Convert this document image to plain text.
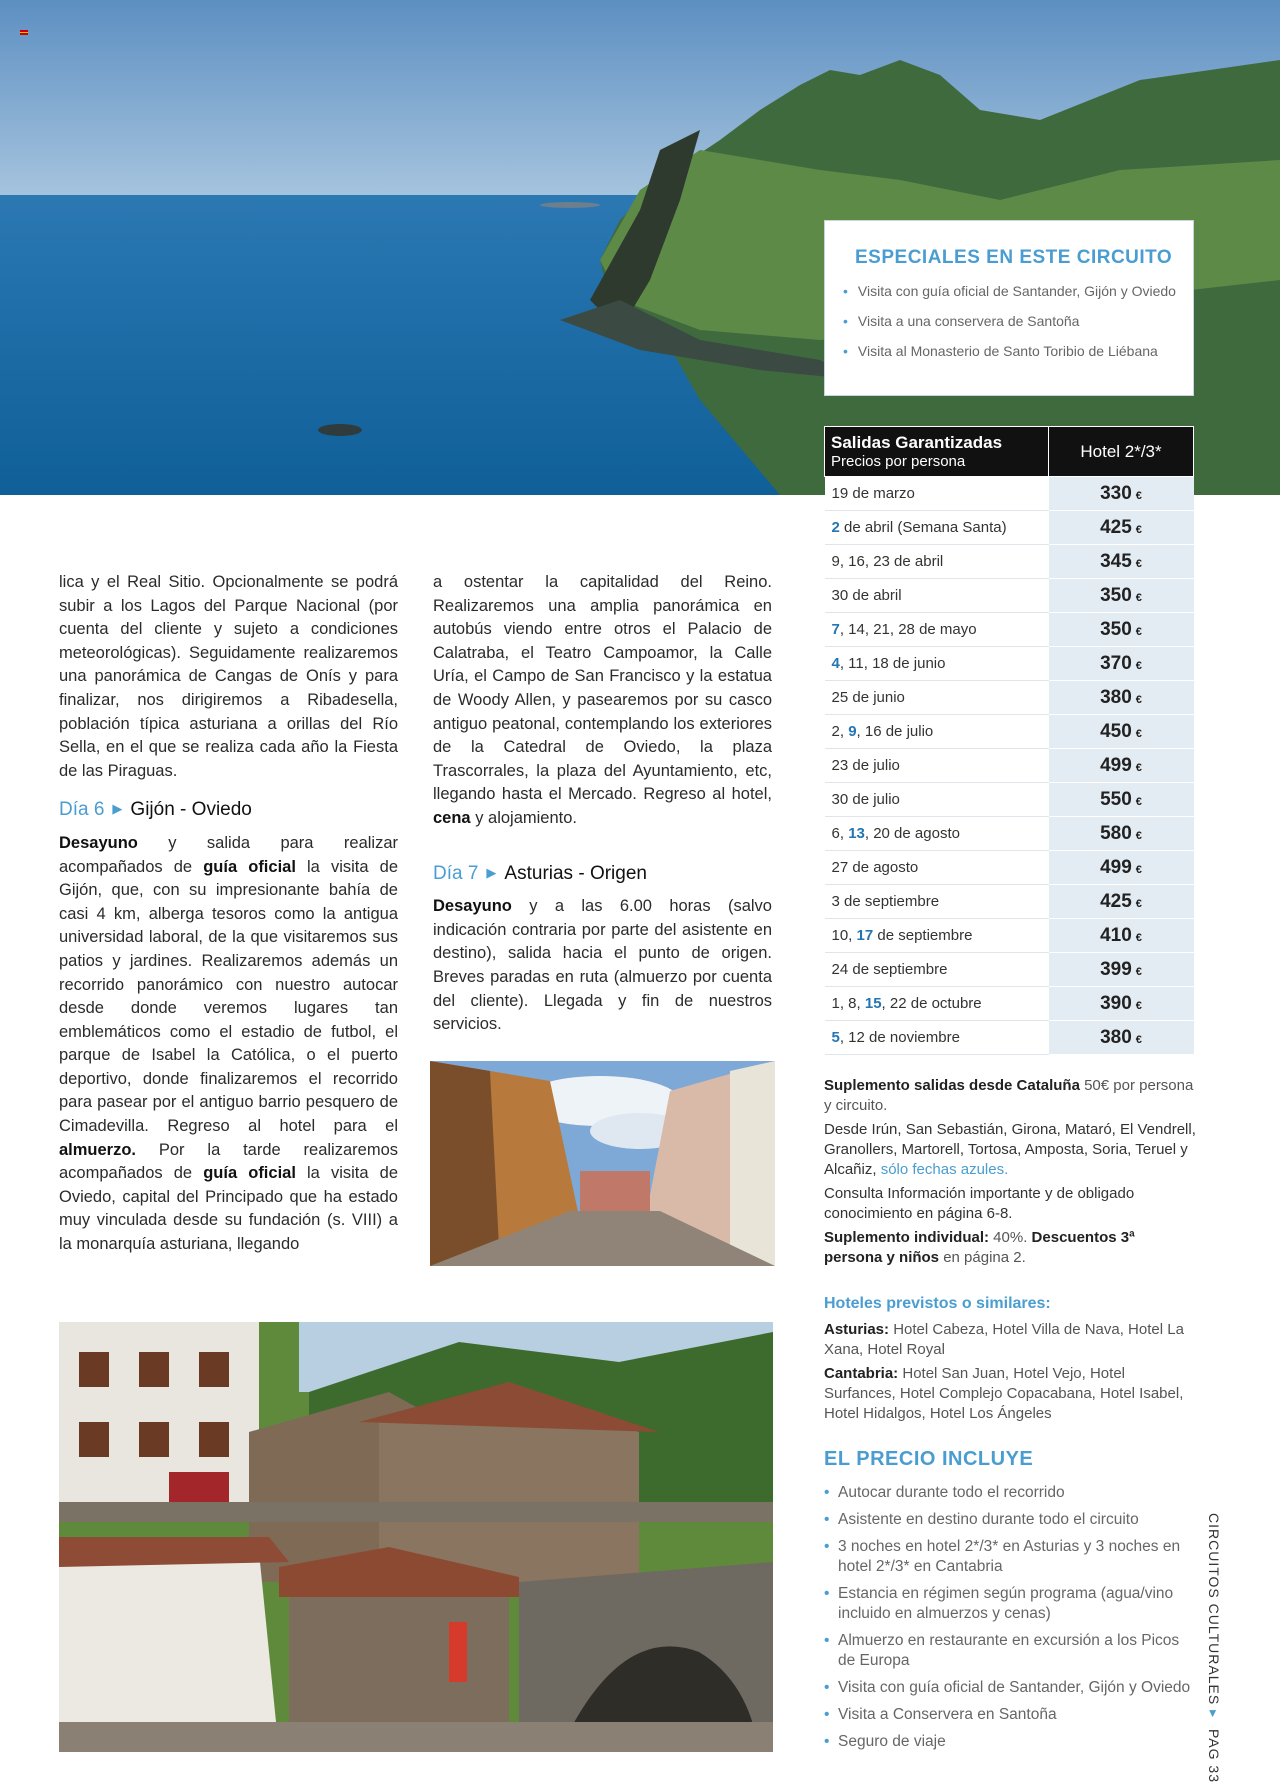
ESPECIALES EN ESTE CIRCUITO
• Visita con guía oficial de Santander, Gijón y Oviedo
• Visita a una conservera de Santoña
• Visita al Monasterio de Santo Toribio de Liébana
Salidas Garantizadas
Precios por persona	Hotel 2*/3*
19 de marzo	330 €
2 de abril (Semana Santa)	425 €
9, 16, 23 de abril	345 €
30 de abril	350 €
7, 14, 21, 28 de mayo	350 €
4, 11, 18 de junio	370 €
25 de junio	380 €
2, 9, 16 de julio	450 €
23 de julio	499 €
30 de julio	550 €
6, 13, 20 de agosto	580 €
27 de agosto	499 €
3 de septiembre	425 €
10, 17 de septiembre	410 €
24 de septiembre	399 €
1, 8, 15, 22 de octubre	390 €
5, 12 de noviembre	380 €

lica y el Real Sitio. Opcionalmente se podrá subir a los Lagos del Parque Nacional (por cuenta del cliente y sujeto a condiciones meteorológicas). Seguidamente realizaremos una panorámica de Cangas de Onís y para finalizar, nos dirigiremos a Ribadesella, población típica asturiana a orillas del Río Sella, en el que se realiza cada año la Fiesta de las Piraguas.

Día 6 ▶ Gijón - Oviedo

Desayuno y salida para realizar acompañados de guía oficial la visita de Gijón, que, con su impresionante bahía de casi 4 km, alberga tesoros como la antigua universidad laboral, de la que visitaremos sus patios y jardines. Realizaremos además un recorrido panorámico con nuestro autocar desde donde veremos lugares tan emblemáticos como el estadio de futbol, el parque de Isabel la Católica, o el puerto deportivo, donde finalizaremos el recorrido para pasear por el antiguo barrio pesquero de Cimadevilla. Regreso al hotel para el almuerzo. Por la tarde realizaremos acompañados de guía oficial la visita de Oviedo, capital del Principado que ha estado muy vinculada desde su fundación (s. VIII) a la monarquía asturiana, llegando

a ostentar la capitalidad del Reino. Realizaremos una amplia panorámica en autobús viendo entre otros el Palacio de Calatraba, el Teatro Campoamor, la Calle Uría, el Campo de San Francisco y la estatua de Woody Allen, y pasearemos por su casco antiguo peatonal, contemplando los exteriores de la Catedral de Oviedo, la plaza Trascorrales, la plaza del Ayuntamiento, etc, llegando hasta el Mercado. Regreso al hotel, cena y alojamiento.

Día 7 ▶ Asturias - Origen

Desayuno y a las 6.00 horas (salvo indicación contraria por parte del asistente en destino), salida hacia el punto de origen. Breves paradas en ruta (almuerzo por cuenta del cliente). Llegada y fin de nuestros servicios.

Suplemento salidas desde Cataluña 50€ por persona y circuito.

Desde Irún, San Sebastián, Girona, Mataró, El Vendrell, Granollers, Martorell, Tortosa, Amposta, Soria, Teruel y Alcañiz, sólo fechas azules.

Consulta Información importante y de obligado conocimiento en página 6-8.

Suplemento individual: 40%. Descuentos 3ª persona y niños en página 2.

Hoteles previstos o similares:

Asturias: Hotel Cabeza, Hotel Villa de Nava, Hotel La Xana, Hotel Royal

Cantabria: Hotel San Juan, Hotel Vejo, Hotel Surfances, Hotel Complejo Copacabana, Hotel Isabel, Hotel Hidalgos, Hotel Los Ángeles

EL PRECIO INCLUYE
• Autocar durante todo el recorrido
• Asistente en destino durante todo el circuito
• 3 noches en hotel 2*/3* en Asturias y 3 noches en hotel 2*/3* en Cantabria
• Estancia en régimen según programa (agua/vino incluido en almuerzos y cenas)
• Almuerzo en restaurante en excursión a los Picos de Europa
• Visita con guía oficial de Santander, Gijón y Oviedo
• Visita a Conservera en Santoña
• Seguro de viaje
CIRCUITOS CULTURALES ▸ PAG 33
